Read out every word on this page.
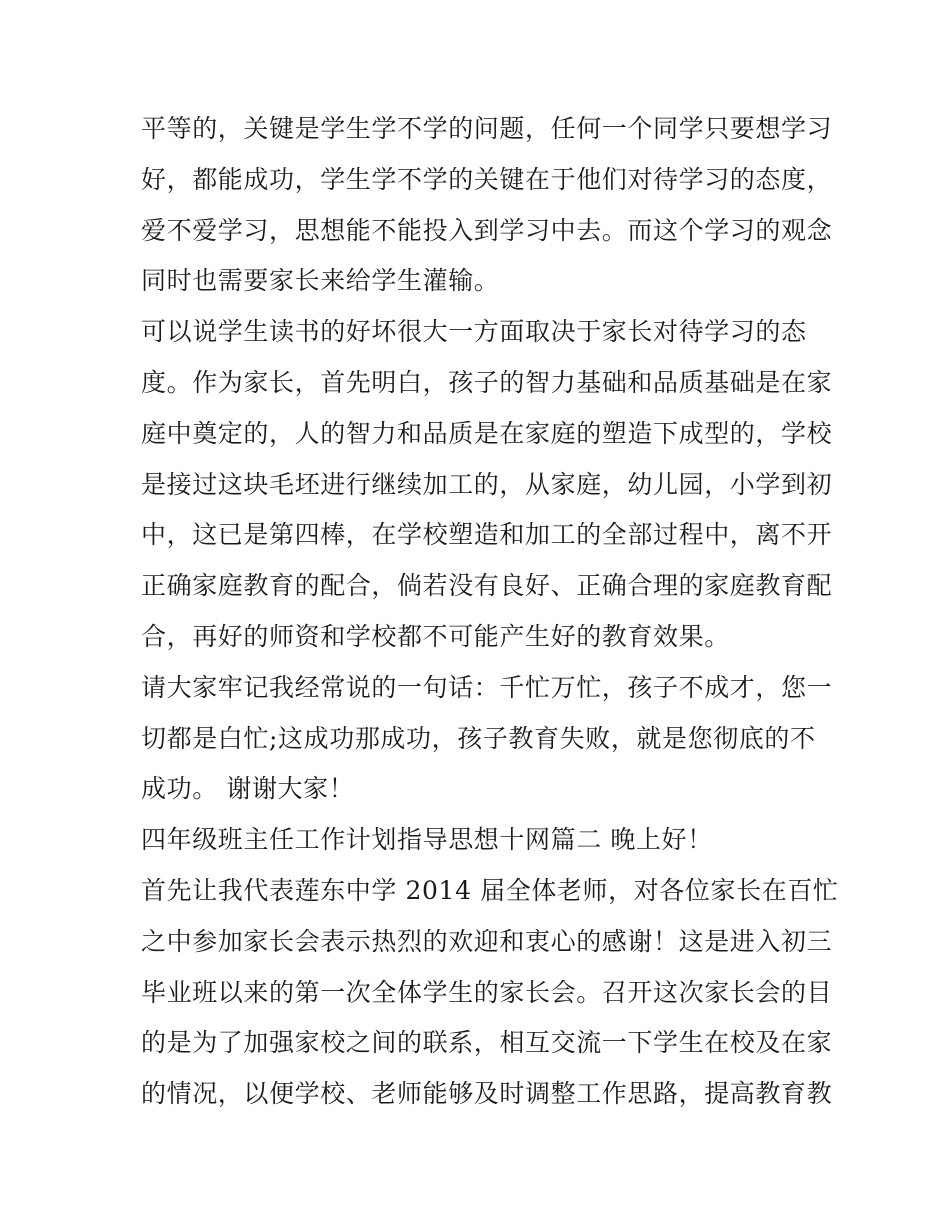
平等的，关键是学生学不学的问题，任何一个同学只要想学习
好，都能成功，学生学不学的关键在于他们对待学习的态度，
爱不爱学习，思想能不能投入到学习中去。而这个学习的观念
同时也需要家长来给学生灌输。
可以说学生读书的好坏很大一方面取决于家长对待学习的态
度。作为家长，首先明白，孩子的智力基础和品质基础是在家
庭中奠定的，人的智力和品质是在家庭的塑造下成型的，学校
是接过这块毛坯进行继续加工的，从家庭，幼儿园，小学到初
中，这已是第四棒，在学校塑造和加工的全部过程中，离不开
正确家庭教育的配合，倘若没有良好、正确合理的家庭教育配
合，再好的师资和学校都不可能产生好的教育效果。
请大家牢记我经常说的一句话：千忙万忙，孩子不成才，您一
切都是白忙;这成功那成功，孩子教育失败，就是您彻底的不
成功。 谢谢大家！
四年级班主任工作计划指导思想十网篇二 晚上好！
首先让我代表莲东中学 2014 届全体老师，对各位家长在百忙
之中参加家长会表示热烈的欢迎和衷心的感谢！这是进入初三
毕业班以来的第一次全体学生的家长会。召开这次家长会的目
的是为了加强家校之间的联系，相互交流一下学生在校及在家
的情况，以便学校、老师能够及时调整工作思路，提高教育教
